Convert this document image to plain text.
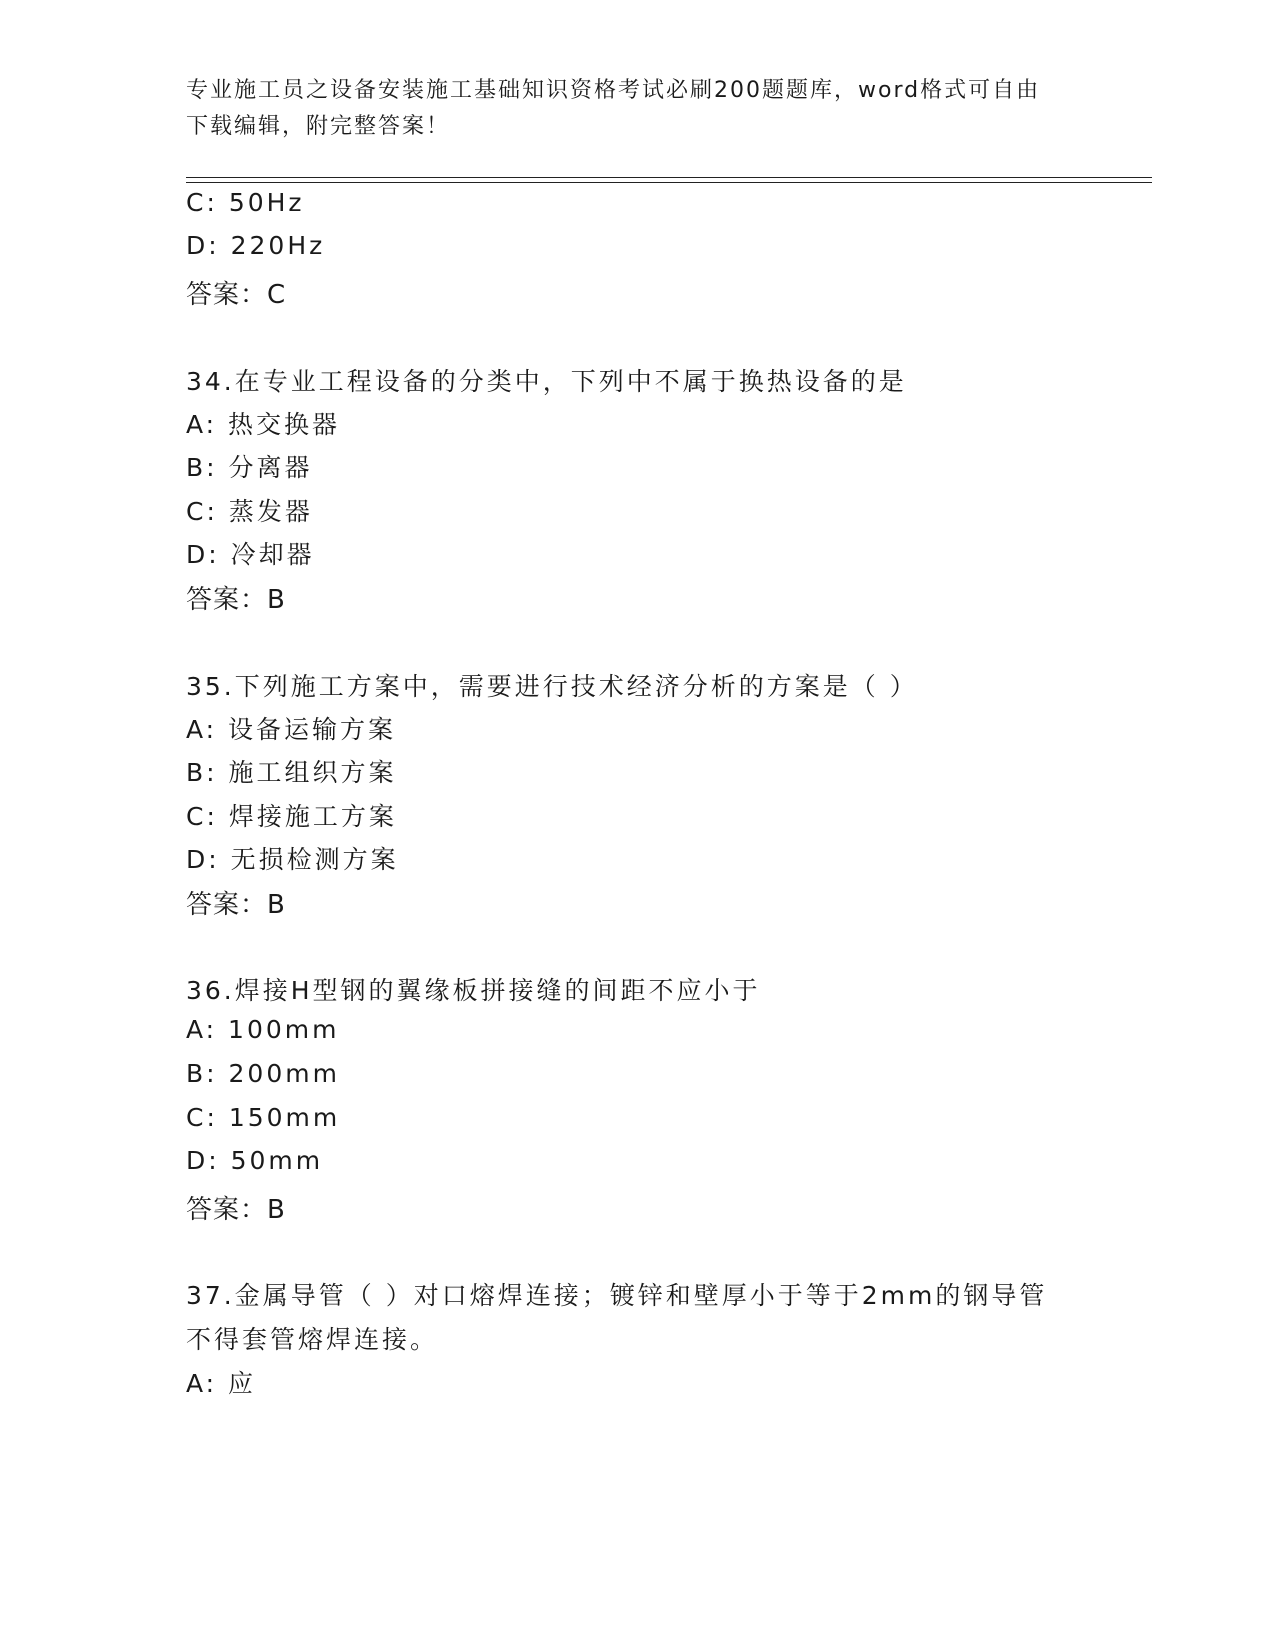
专业施工员之设备安装施工基础知识资格考试必刷200题题库，word格式可自由
下载编辑，附完整答案！
C: 50Hz
D: 220Hz
答案：C
34.在专业工程设备的分类中，下列中不属于换热设备的是
A: 热交换器
B: 分离器
C: 蒸发器
D: 冷却器
答案：B
35.下列施工方案中，需要进行技术经济分析的方案是（ ）
A: 设备运输方案
B: 施工组织方案
C: 焊接施工方案
D: 无损检测方案
答案：B
36.焊接H型钢的翼缘板拼接缝的间距不应小于
A: 100mm
B: 200mm
C: 150mm
D: 50mm
答案：B
37.金属导管（ ）对口熔焊连接；镀锌和壁厚小于等于2mm的钢导管
不得套管熔焊连接。
A: 应
